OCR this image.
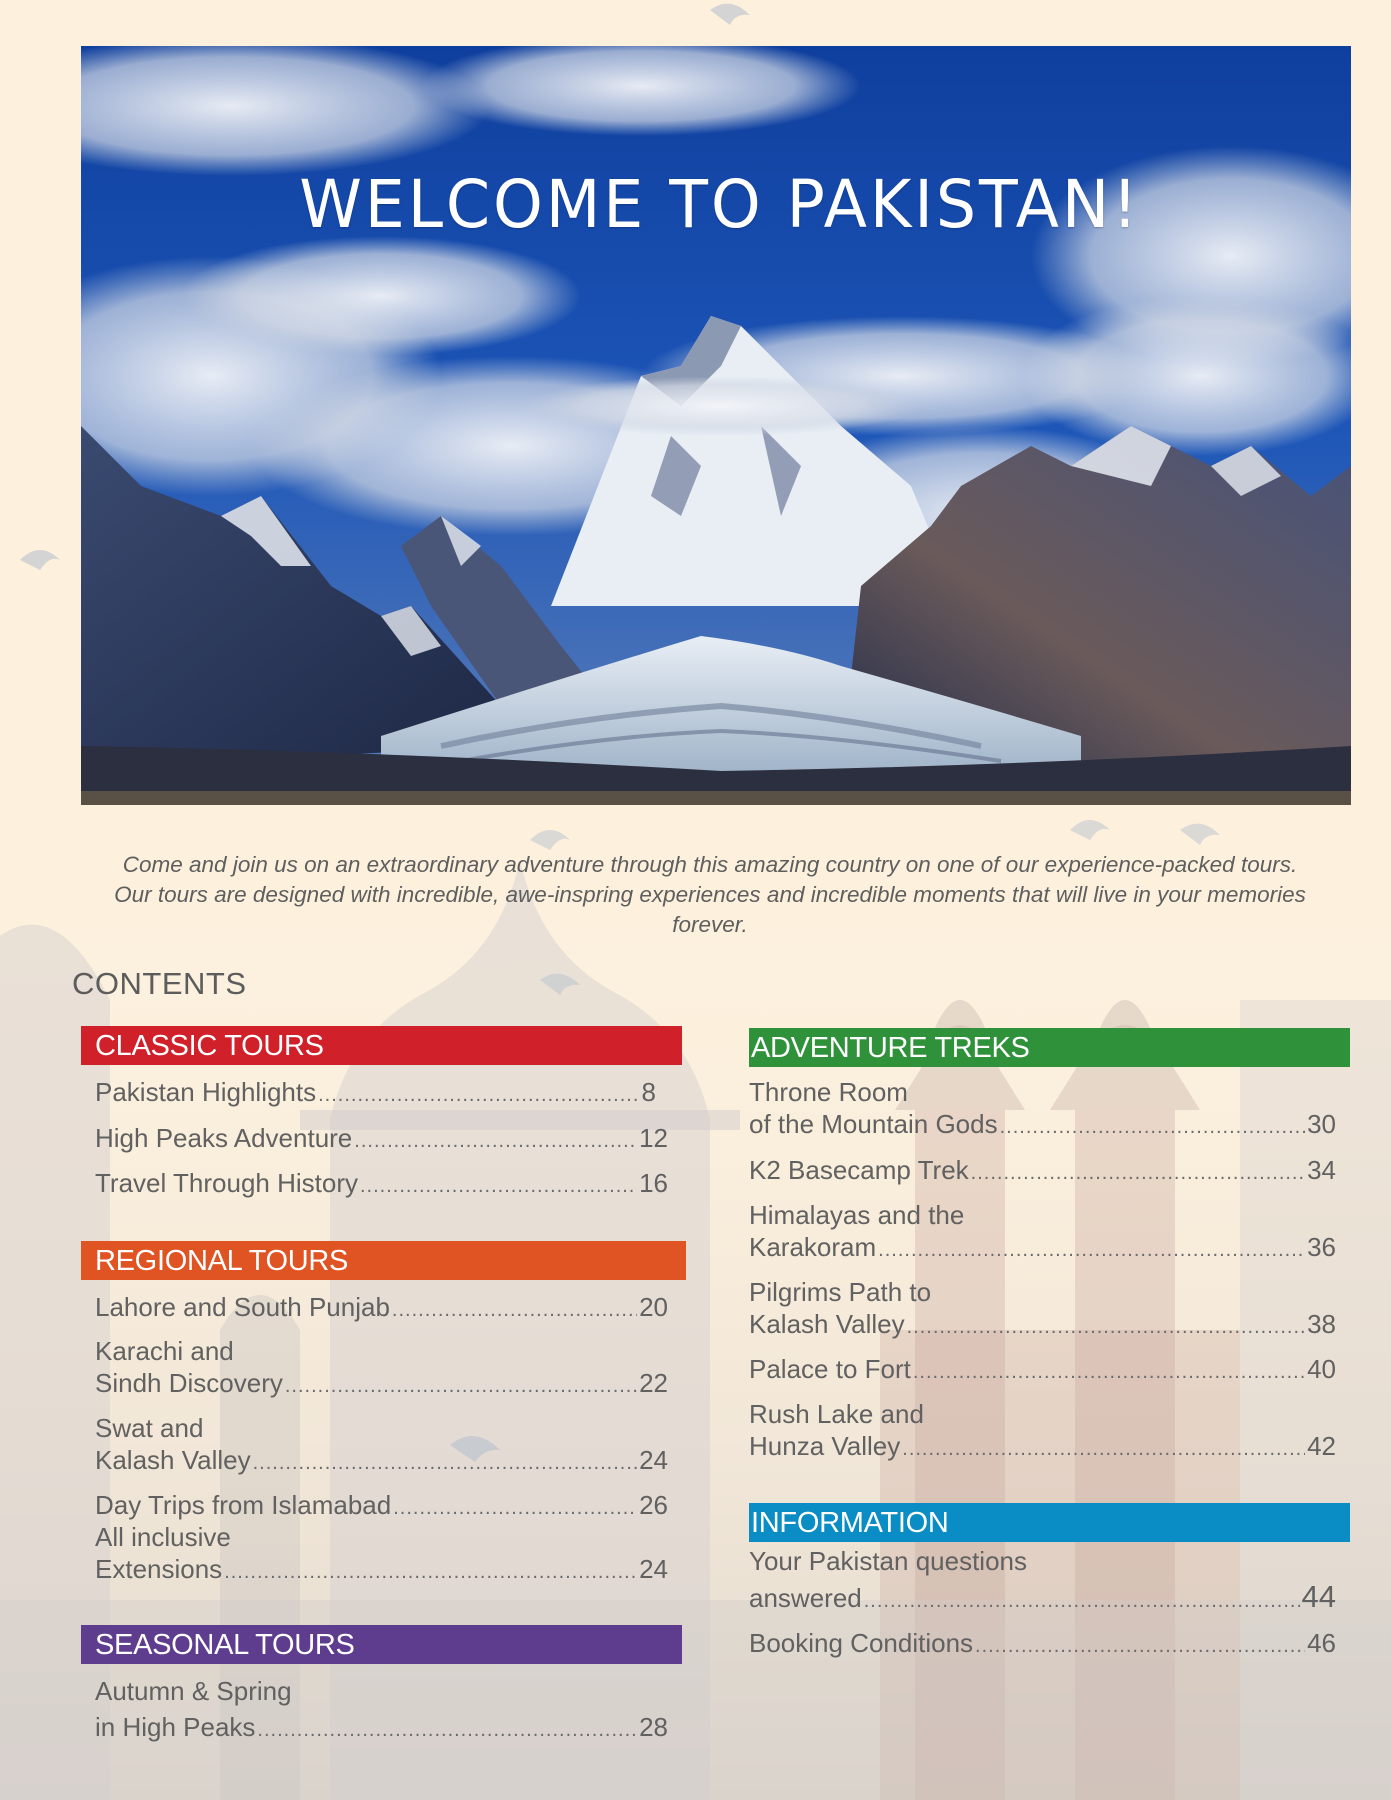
WELCOME TO PAKISTAN!

Come and join us on an extraordinary adventure through this amazing country on one of our experience-packed tours. Our tours are designed with incredible, awe-inspring experiences and incredible moments that will live in your memories forever.

CONTENTS
CLASSIC TOURS
Pakistan Highlights .....	8
High Peaks Adventure .....	12
Travel Through History .....	16
REGIONAL TOURS
Lahore and South Punjab .....	20
Karachi and
Sindh Discovery .....	22
Swat and
Kalash Valley .....	24
Day Trips from Islamabad .....	26
All inclusive
Extensions .....	24
SEASONAL TOURS
Autumn & Spring
in High Peaks .....	28
ADVENTURE TREKS
Throne Room
of the Mountain Gods .....	30
K2 Basecamp Trek .....	34
Himalayas and the
Karakoram .....	36
Pilgrims Path to
Kalash Valley .....	38
Palace to Fort .....	40
Rush Lake and
Hunza Valley .....	42
INFORMATION
Your Pakistan questions
answered .....	44
Booking Conditions .....	46
